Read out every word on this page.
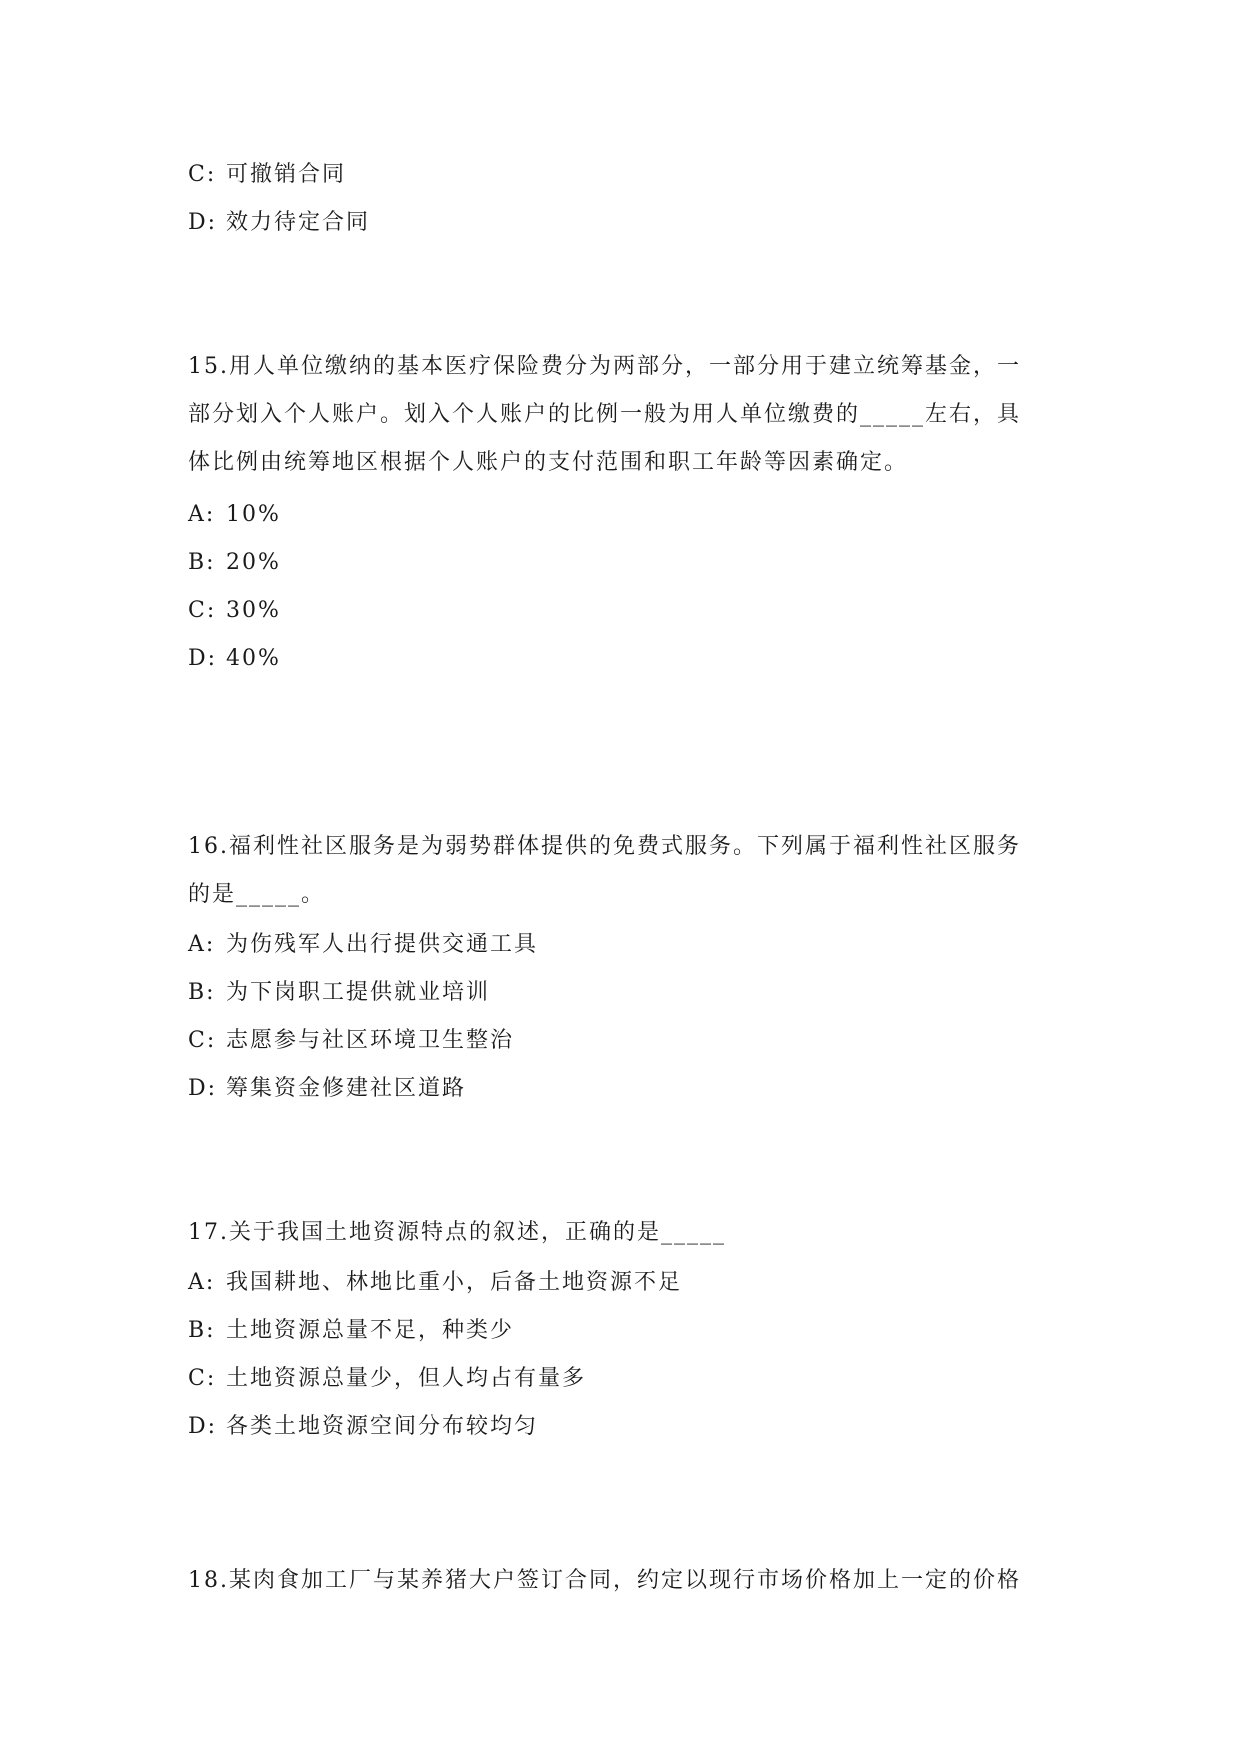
C: 可撤销合同
D: 效力待定合同
15.用人单位缴纳的基本医疗保险费分为两部分，一部分用于建立统筹基金，一
部分划入个人账户。划入个人账户的比例一般为用人单位缴费的_____左右，具
体比例由统筹地区根据个人账户的支付范围和职工年龄等因素确定。
A: 10%
B: 20%
C: 30%
D: 40%
16.福利性社区服务是为弱势群体提供的免费式服务。下列属于福利性社区服务
的是_____。
A: 为伤残军人出行提供交通工具
B: 为下岗职工提供就业培训
C: 志愿参与社区环境卫生整治
D: 筹集资金修建社区道路
17.关于我国土地资源特点的叙述，正确的是_____
A: 我国耕地、林地比重小，后备土地资源不足
B: 土地资源总量不足，种类少
C: 土地资源总量少，但人均占有量多
D: 各类土地资源空间分布较均匀
18.某肉食加工厂与某养猪大户签订合同，约定以现行市场价格加上一定的价格
